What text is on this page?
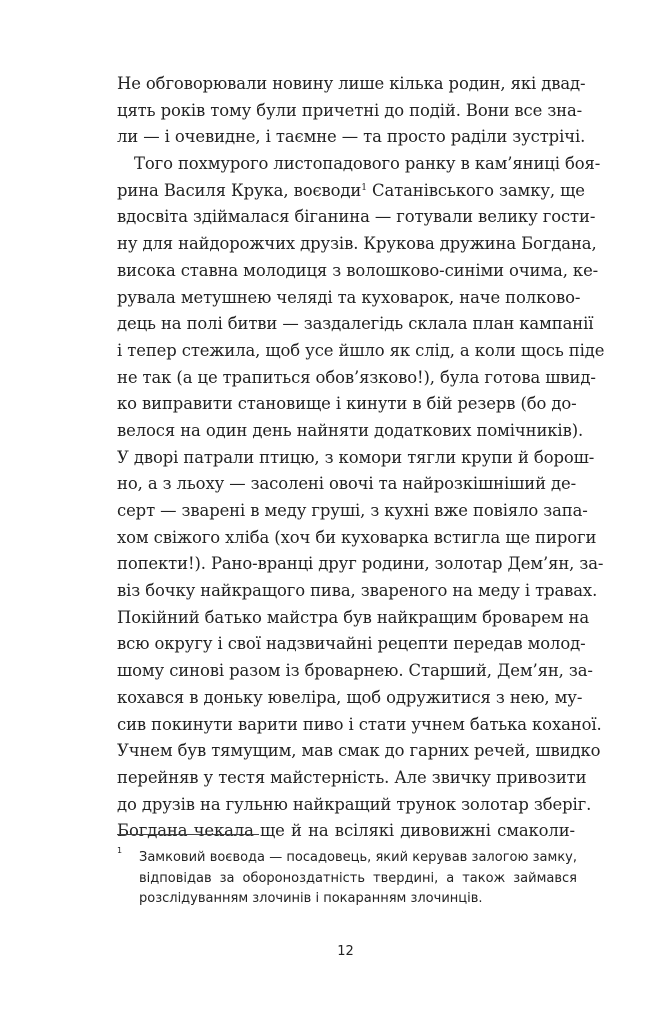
Не обговорювали новину лише кілька родин, які двад-
цять років тому були причетні до подій. Вони все зна-
ли — і очевидне, і таємне — та просто раділи зустрічі.
Того похмурого листопадового ранку в кам’яниці боя-
рина Василя Крука, воєводи$^1$ Сатанівського замку, ще
вдосвіта здіймалася біганина — готували велику гости-
ну для найдорожчих друзів. Крукова дружина Богдана,
висока ставна молодиця з волошково-синіми очима, ке-
рувала метушнею челяді та куховарок, наче полково-
дець на полі битви — заздалегідь склала план кампанії
і тепер стежила, щоб усе йшло як слід, а коли щось піде
не так (а це трапиться обов’язково!), була готова швид-
ко виправити становище і кинути в бій резерв (бо до-
велося на один день найняти додаткових помічників).
У дворі патрали птицю, з комори тягли крупи й борош-
но, а з льоху — засолені овочі та найрозкішніший де-
серт — зварені в меду груші, з кухні вже повіяло запа-
хом свіжого хліба (хоч би куховарка встигла ще пироги
попекти!). Рано-вранці друг родини, золотар Дем’ян, за-
віз бочку найкращого пива, звареного на меду і травах.
Покійний батько майстра був найкращим броварем на
всю округу і свої надзвичайні рецепти передав молод-
шому синові разом із броварнею. Старший, Дем’ян, за-
кохався в доньку ювеліра, щоб одружитися з нею, му-
сив покинути варити пиво і стати учнем батька коханої.
Учнем був тямущим, мав смак до гарних речей, швидко
перейняв у тестя майстерність. Але звичку привозити
до друзів на гульню найкращий трунок золотар зберіг.
Богдана чекала ще й на всілякі дивовижні смаколи-
1 Замковий воєвода — посадовець, який керував залогою замку,
відповідав за обороноздатність твердині, а також займався
розслідуванням злочинів і покаранням злочинців.
12
